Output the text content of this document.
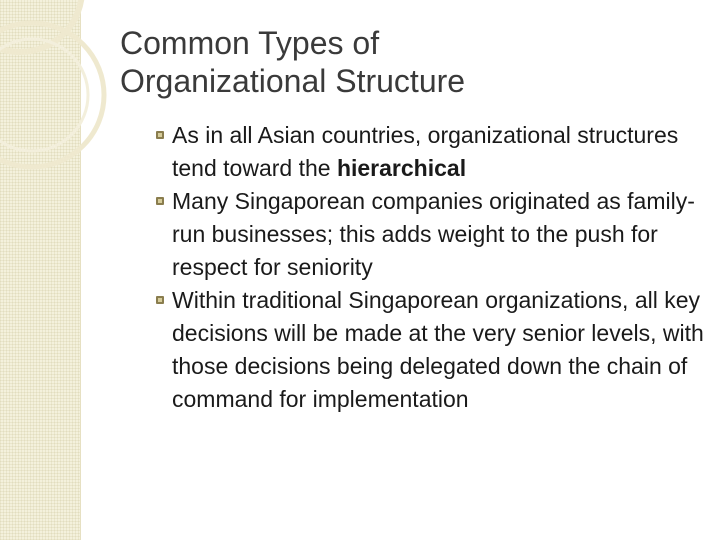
Common Types of
Organizational Structure
As in all Asian countries, organizational structures tend toward the hierarchical
Many Singaporean companies originated as family-run businesses; this adds weight to the push for respect for seniority
Within traditional Singaporean organizations, all key decisions will be made at the very senior levels, with those decisions being delegated down the chain of command for implementation
